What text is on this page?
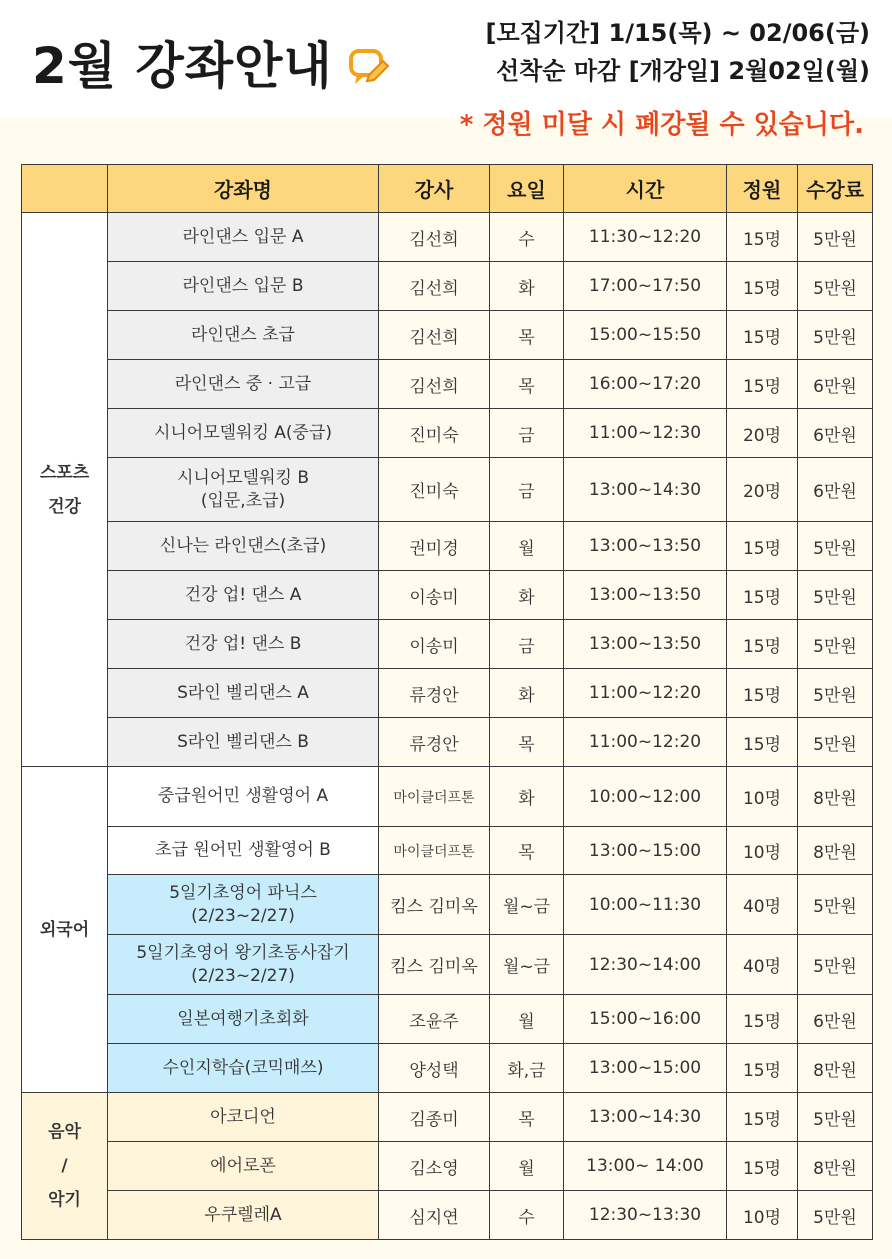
2월 강좌안내
[모집기간] 1/15(목) ~ 02/06(금)
선착순 마감 [개강일] 2월02일(월)
* 정원 미달 시 폐강될 수 있습니다.
	강좌명	강사	요일	시간	정원	수강료

스포츠
건강	라인댄스 입문 A	김선희	수	11:30~12:20	15명	5만원
	라인댄스 입문 B	김선희	화	17:00~17:50	15명	5만원
	라인댄스 초급	김선희	목	15:00~15:50	15명	5만원
	라인댄스 중 · 고급	김선희	목	16:00~17:20	15명	6만원
	시니어모델워킹 A(중급)	진미숙	금	11:00~12:30	20명	6만원

	시니어모델워킹 B
(입문,초급)	진미숙	금	13:00~14:30	20명	6만원
	신나는 라인댄스(초급)	권미경	월	13:00~13:50	15명	5만원
	건강 업! 댄스 A	이송미	화	13:00~13:50	15명	5만원
	건강 업! 댄스 B	이송미	금	13:00~13:50	15명	5만원
	S라인 벨리댄스 A	류경안	화	11:00~12:20	15명	5만원
	S라인 벨리댄스 B	류경안	목	11:00~12:20	15명	5만원
외국어	중급원어민 생활영어 A	마이클더프톤	화	10:00~12:00	10명	8만원
	초급 원어민 생활영어 B	마이클더프톤	목	13:00~15:00	10명	8만원

	5일기초영어 파닉스
(2/23~2/27)	킴스 김미옥	월~금	10:00~11:30	40명	5만원

	5일기초영어 왕기초동사잡기
(2/23~2/27)	킴스 김미옥	월~금	12:30~14:00	40명	5만원
	일본여행기초회화	조윤주	월	15:00~16:00	15명	6만원
	수인지학습(코믹매쓰)	양성택	화,금	13:00~15:00	15명	8만원

음악
/
악기	아코디언	김종미	목	13:00~14:30	15명	5만원
	에어로폰	김소영	월	13:00~ 14:00	15명	8만원
	우쿠렐레A	심지연	수	12:30~13:30	10명	5만원
